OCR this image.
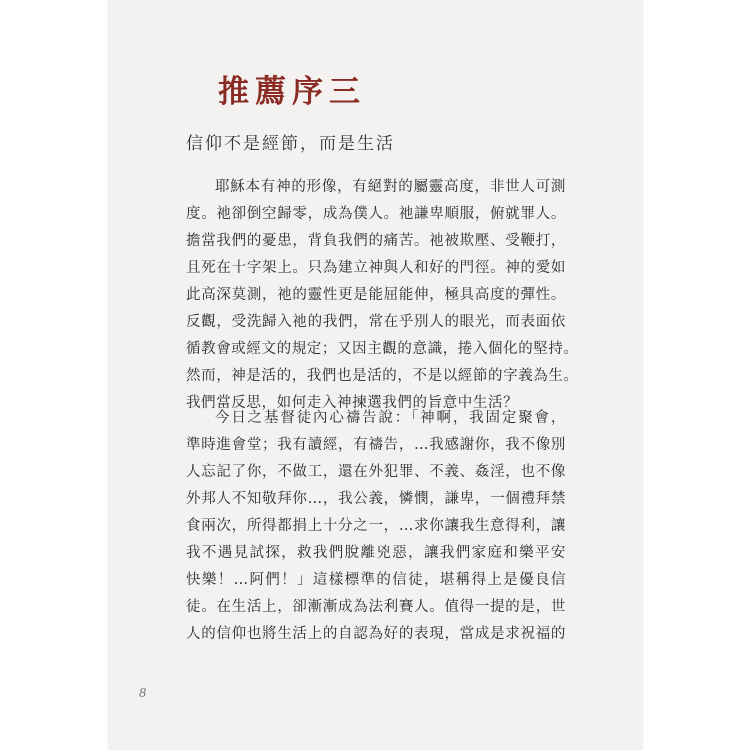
推薦序三
信仰不是經節，而是生活
耶穌本有神的形像，有絕對的屬靈高度，非世人可測
度。祂卻倒空歸零，成為僕人。祂謙卑順服，俯就罪人。
擔當我們的憂患，背負我們的痛苦。祂被欺壓、受鞭打，
且死在十字架上。只為建立神與人和好的門徑。神的愛如
此高深莫測，祂的靈性更是能屈能伸，極具高度的彈性。
反觀，受洗歸入祂的我們，常在乎別人的眼光，而表面依
循教會或經文的規定；又因主觀的意識，捲入個化的堅持。
然而，神是活的，我們也是活的，不是以經節的字義為生。
我們當反思，如何走入神揀選我們的旨意中生活？
今日之基督徒內心禱告說：「神啊，我固定聚會，
準時進會堂；我有讀經，有禱告，…我感謝你，我不像別
人忘記了你，不做工，還在外犯罪、不義、姦淫，也不像
外邦人不知敬拜你…，我公義，憐憫，謙卑，一個禮拜禁
食兩次，所得都捐上十分之一，…求你讓我生意得利，讓
我不遇見試探，救我們脫離兇惡，讓我們家庭和樂平安
快樂！…阿們！」這樣標準的信徒，堪稱得上是優良信
徒。在生活上，卻漸漸成為法利賽人。值得一提的是，世
人的信仰也將生活上的自認為好的表現，當成是求祝福的
8
